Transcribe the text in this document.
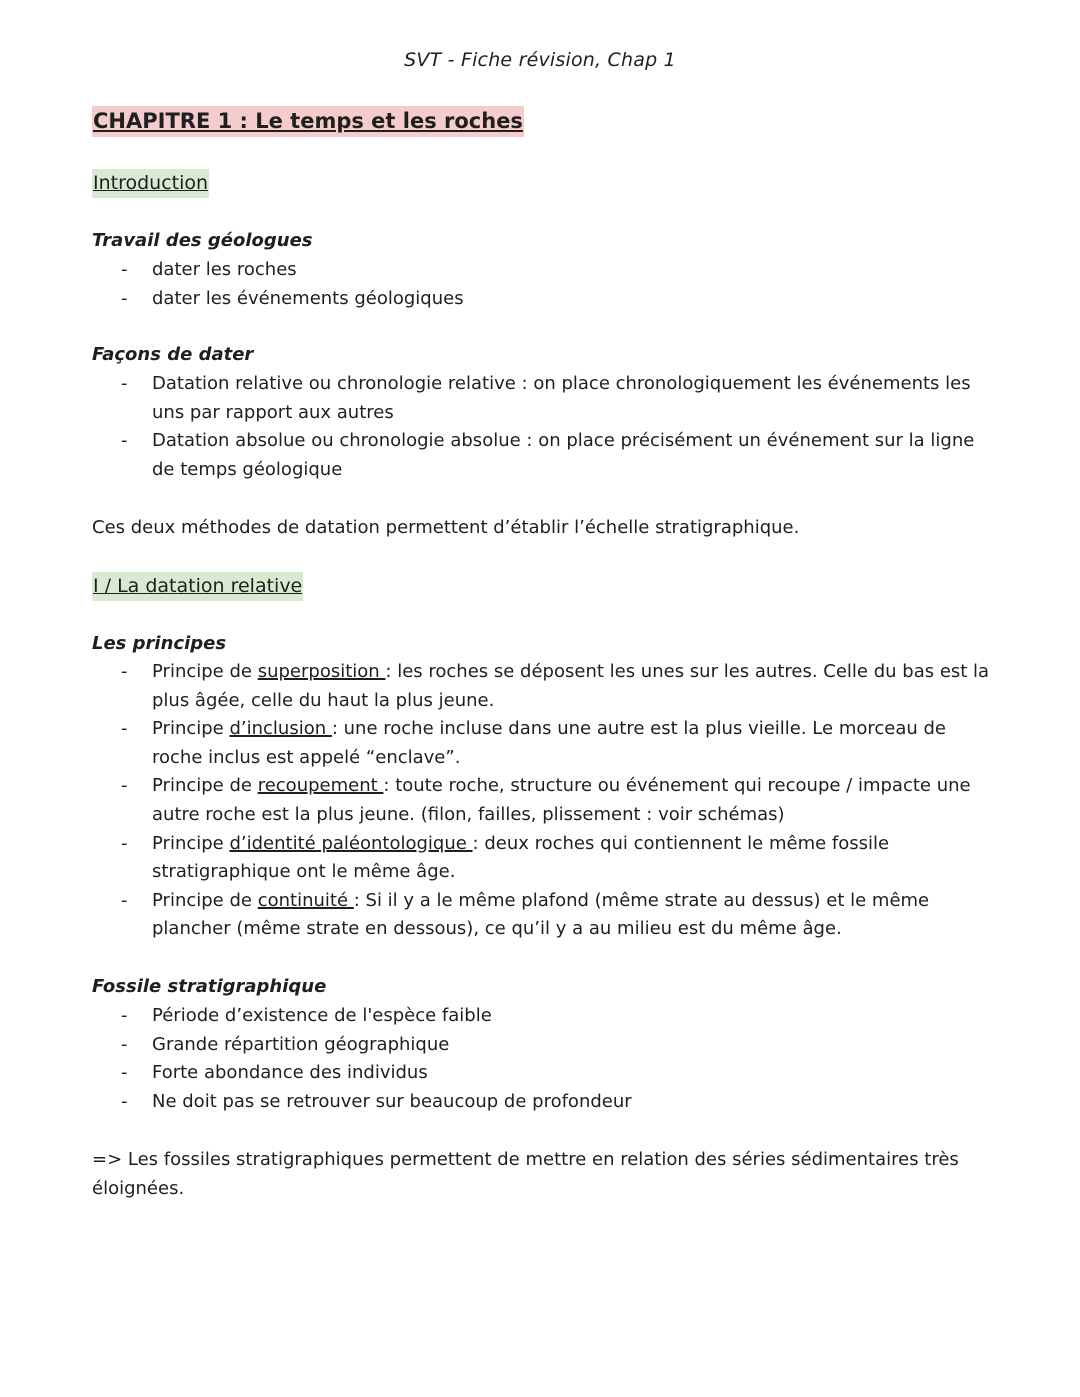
SVT - Fiche révision, Chap 1
CHAPITRE 1 : Le temps et les roches
Introduction
Travail des géologues
- dater les roches
- dater les événements géologiques
Façons de dater
- Datation relative ou chronologie relative : on place chronologiquement les événements les uns par rapport aux autres
- Datation absolue ou chronologie absolue : on place précisément un événement sur la ligne de temps géologique
Ces deux méthodes de datation permettent d’établir l’échelle stratigraphique.
I / La datation relative
Les principes
- Principe de superposition : les roches se déposent les unes sur les autres. Celle du bas est la plus âgée, celle du haut la plus jeune.
- Principe d’inclusion : une roche incluse dans une autre est la plus vieille. Le morceau de roche inclus est appelé “enclave”.
- Principe de recoupement : toute roche, structure ou événement qui recoupe / impacte une autre roche est la plus jeune. (filon, failles, plissement : voir schémas)
- Principe d’identité paléontologique : deux roches qui contiennent le même fossile stratigraphique ont le même âge.
- Principe de continuité : Si il y a le même plafond (même strate au dessus) et le même plancher (même strate en dessous), ce qu’il y a au milieu est du même âge.
Fossile stratigraphique
- Période d’existence de l'espèce faible
- Grande répartition géographique
- Forte abondance des individus
- Ne doit pas se retrouver sur beaucoup de profondeur
=> Les fossiles stratigraphiques permettent de mettre en relation des séries sédimentaires très éloignées.
